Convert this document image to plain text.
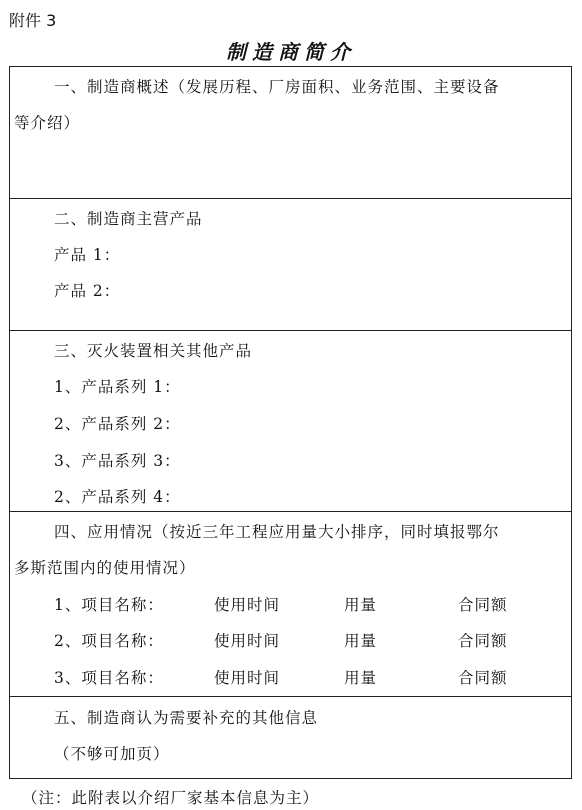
附件 3
制造商简介
一、制造商概述（发展历程、厂房面积、业务范围、主要设备
等介绍）
二、制造商主营产品
产品 1：
产品 2：
三、灭火装置相关其他产品
1、产品系列 1：
2、产品系列 2：
3、产品系列 3：
2、产品系列 4：
四、应用情况（按近三年工程应用量大小排序，同时填报鄂尔
多斯范围内的使用情况）
1、项目名称：	使用时间	用量	合同额
2、项目名称：	使用时间	用量	合同额
3、项目名称：	使用时间	用量	合同额
五、制造商认为需要补充的其他信息
（不够可加页）
（注：此附表以介绍厂家基本信息为主）
